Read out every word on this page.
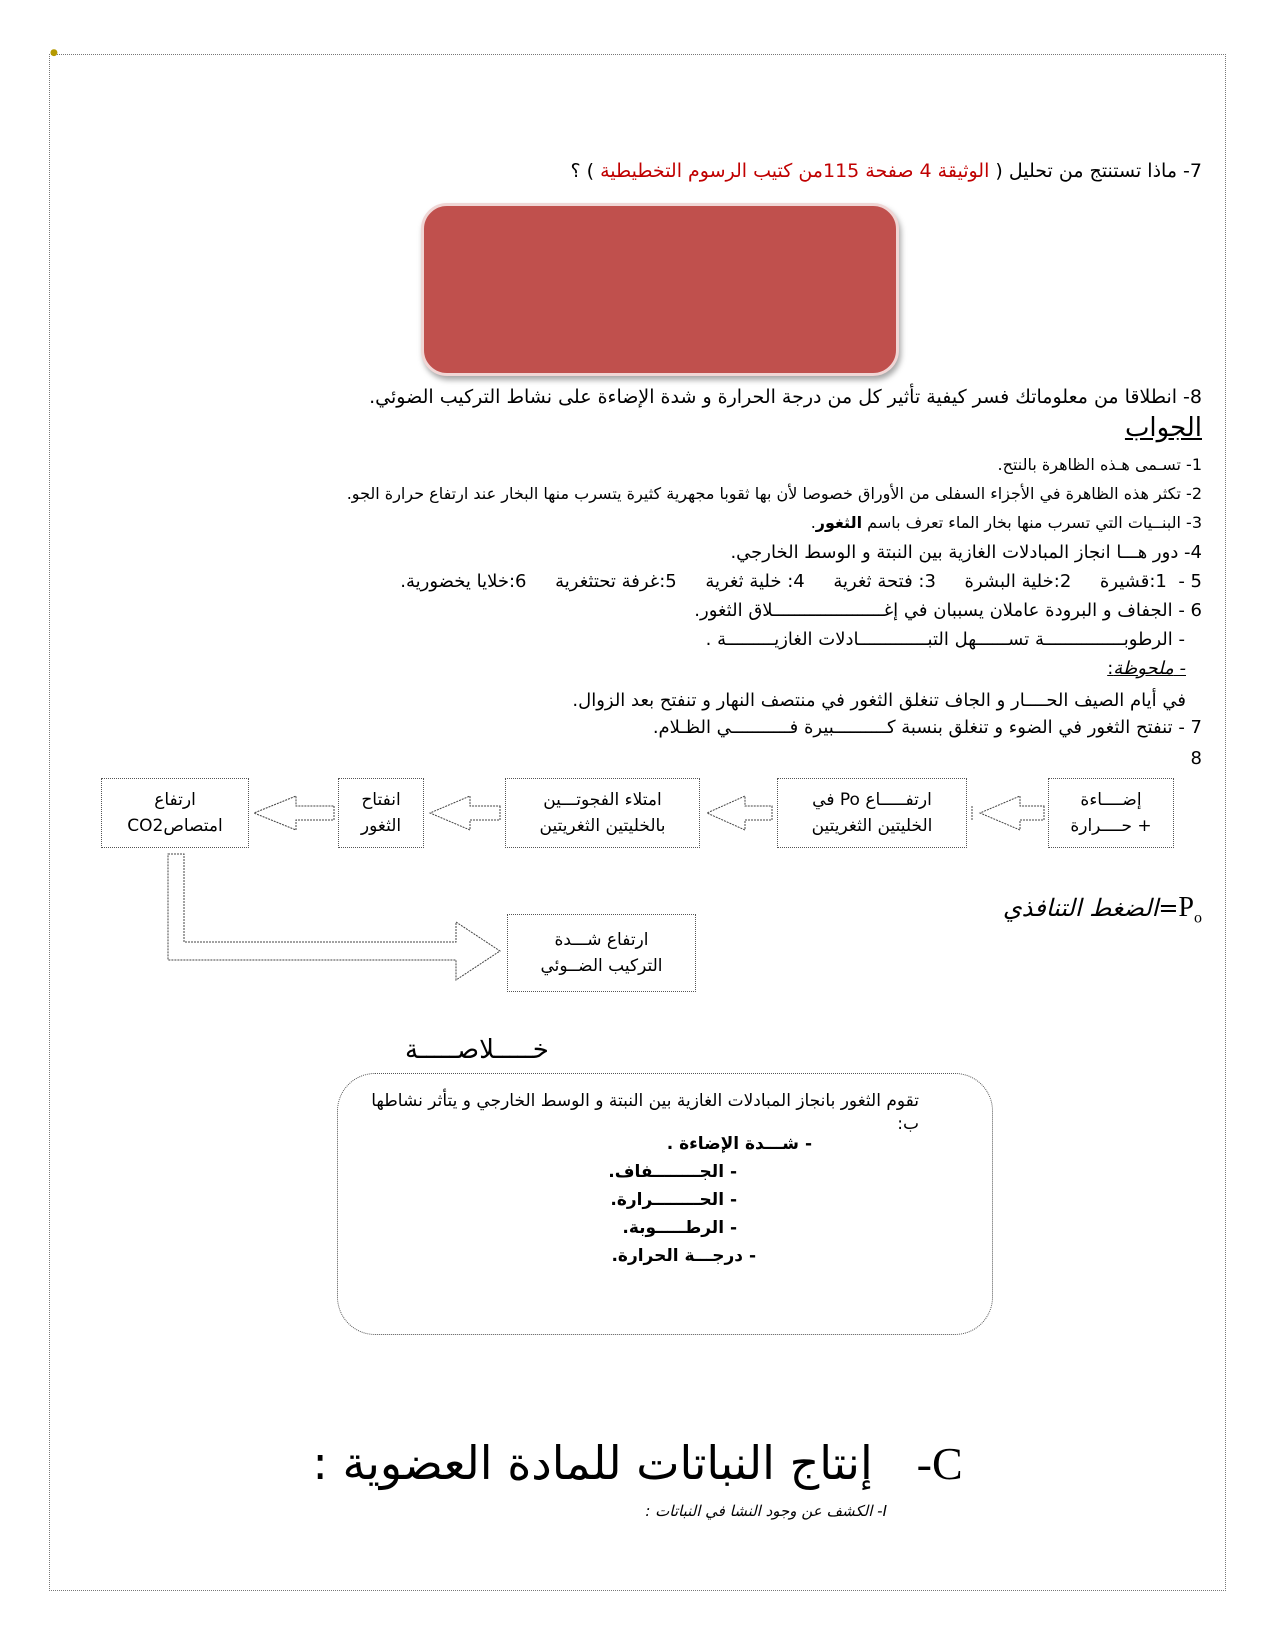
●
7- ماذا تستنتج من تحليل ( الوثيقة 4 صفحة 115من كتيب الرسوم التخطيطية ) ؟
8- انطلاقا من معلوماتك فسر كيفية تأثير كل من درجة الحرارة و شدة الإضاءة على نشاط التركيب الضوئي.
الجواب
1- تسـمى هـذه الظاهرة بالنتح.
2- تكثر هذه الظاهرة في الأجزاء السفلى من الأوراق خصوصا لأن بها ثقوبا مجهرية كثيرة يتسرب منها البخار عند ارتفاع حرارة الجو.
3- البنــيات التي تسرب منها بخار الماء تعرف باسم الثغور.
4- دور هـــا انجاز المبادلات الغازية بين النبتة و الوسط الخارجي.
5 -  1:قشيرة     2:خلية البشرة     3: فتحة ثغرية     4: خلية ثغرية     5:غرفة تحتثغرية     6:خلايا يخضورية.
6 - الجفاف و البرودة عاملان يسببان في إغـــــــــــــــــــــلاق الثغور.
- الرطوبـــــــــــــــة تســــــهل التبـــــــــــــادلات الغازيـــــــــة .
- ملحوظة:
في أيام الصيف الحــــار و الجاف تنغلق الثغور في منتصف النهار و تنفتح بعد الزوال.
7 - تنفتح الثغور في الضوء و تنغلق بنسبة كــــــــــبيرة فـــــــــــي الظـلام.
8
إضــــاءة
+ حــــرارة
ارتفـــــاع Po في
الخليتين الثغريتين
امتلاء الفجوتـــين
بالخليتين الثغريتين
انفتاح
الثغور
ارتفاع
امتصاصCO2
ارتفاع شـــدة
التركيب الضــوئي
$P_o=الضغط$ التنافذي
خـــــلاصـــــة
تقوم الثغور بانجاز المبادلات الغازية بين النبتة و الوسط الخارجي و يتأثر نشاطها ب:
- شـــدة الإضاءة .
- الجــــــــفاف.
- الحــــــــرارة.
- الرطـــــوبة.
- درجـــة الحرارة.
C-   إنتاج النباتات للمادة العضوية :
I- الكشف عن وجود النشا في النباتات :
